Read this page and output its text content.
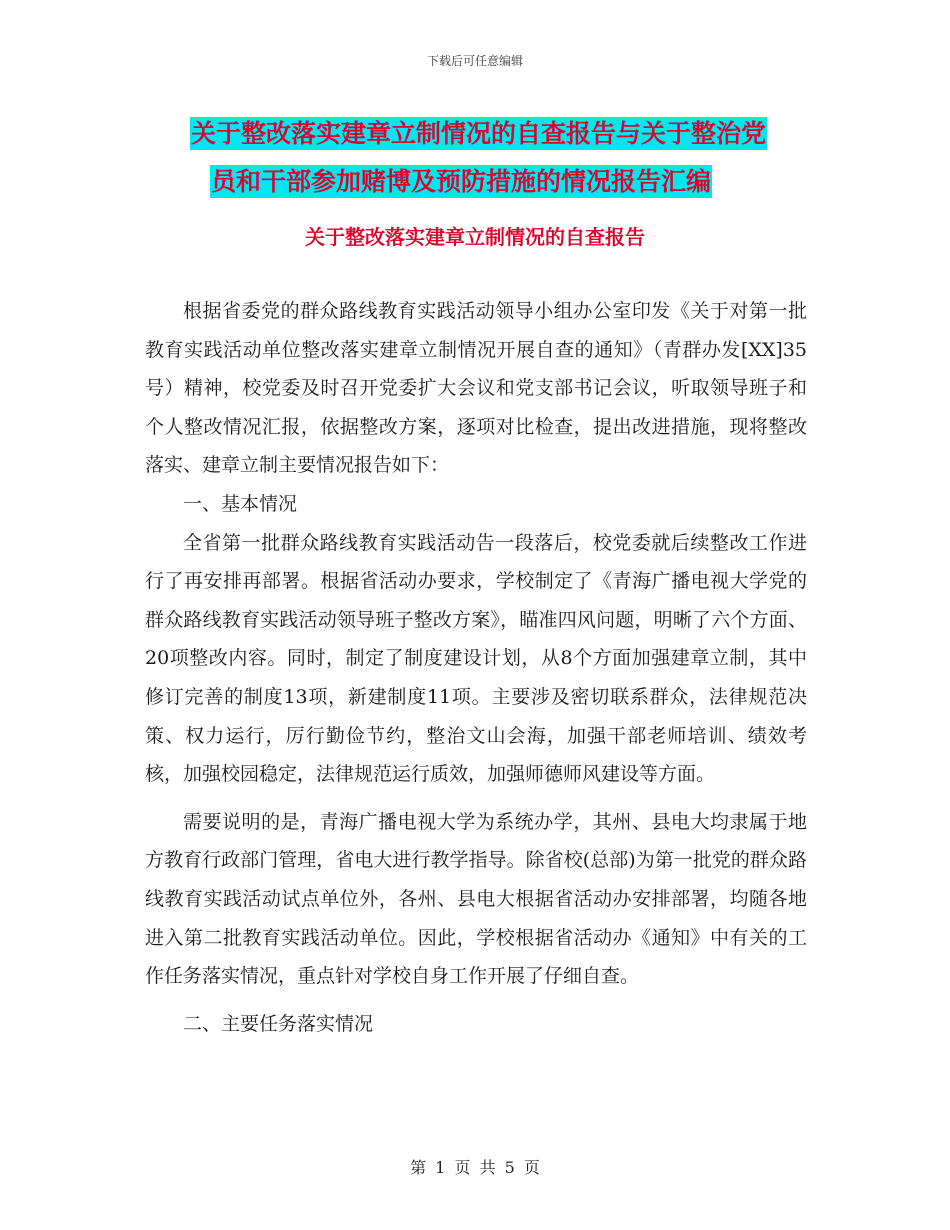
下载后可任意编辑
关于整改落实建章立制情况的自查报告与关于整治党
员和干部参加赌博及预防措施的情况报告汇编
关于整改落实建章立制情况的自查报告

根据省委党的群众路线教育实践活动领导小组办公室印发《关于对第一批教育实践活动单位整改落实建章立制情况开展自查的通知》（青群办发[XX]35号）精神，校党委及时召开党委扩大会议和党支部书记会议，听取领导班子和个人整改情况汇报，依据整改方案，逐项对比检查，提出改进措施，现将整改落实、建章立制主要情况报告如下：

一、基本情况

全省第一批群众路线教育实践活动告一段落后，校党委就后续整改工作进行了再安排再部署。根据省活动办要求，学校制定了《青海广播电视大学党的群众路线教育实践活动领导班子整改方案》，瞄准四风问题，明晰了六个方面、20项整改内容。同时，制定了制度建设计划，从8个方面加强建章立制，其中修订完善的制度13项，新建制度11项。主要涉及密切联系群众，法律规范决策、权力运行，厉行勤俭节约，整治文山会海，加强干部老师培训、绩效考核，加强校园稳定，法律规范运行质效，加强师德师风建设等方面。

需要说明的是，青海广播电视大学为系统办学，其州、县电大均隶属于地方教育行政部门管理，省电大进行教学指导。除省校(总部)为第一批党的群众路线教育实践活动试点单位外，各州、县电大根据省活动办安排部署，均随各地进入第二批教育实践活动单位。因此，学校根据省活动办《通知》中有关的工作任务落实情况，重点针对学校自身工作开展了仔细自查。

二、主要任务落实情况

第 1 页 共 5 页
